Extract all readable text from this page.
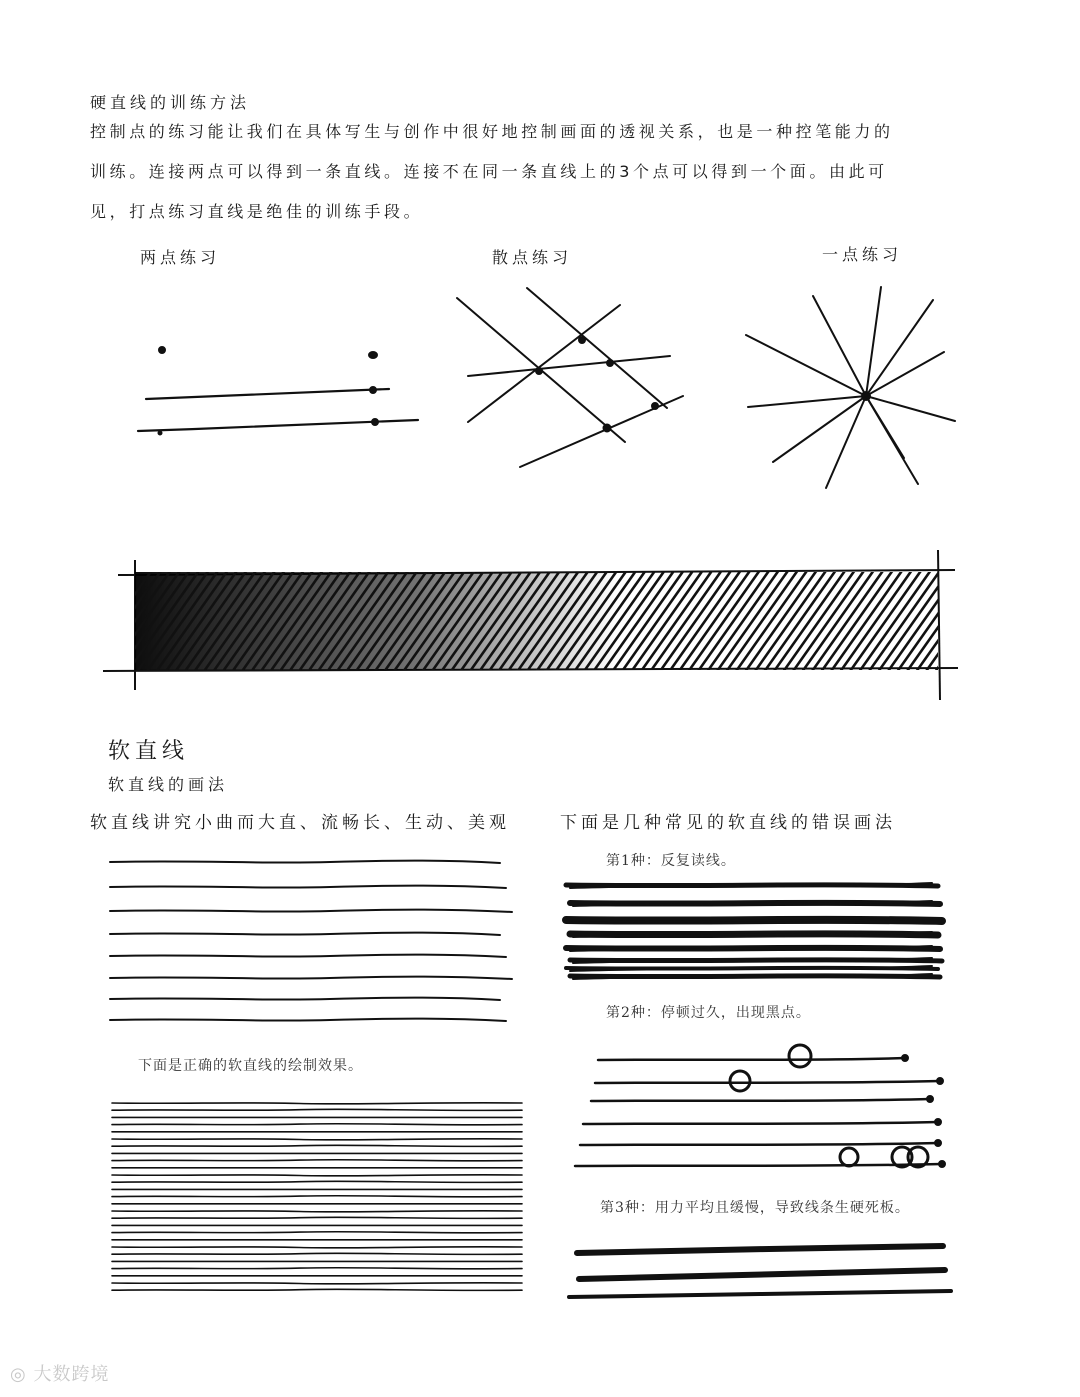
硬直线的训练方法
控制点的练习能让我们在具体写生与创作中很好地控制画面的透视关系，也是一种控笔能力的
训练。连接两点可以得到一条直线。连接不在同一条直线上的3个点可以得到一个面。由此可
见，打点练习直线是绝佳的训练手段。
两点练习	散点练习	一点练习
软直线
软直线的画法
软直线讲究小曲而大直、流畅长、生动、美观	下面是几种常见的软直线的错误画法
下面是正确的软直线的绘制效果。
第1种：反复读线。
第2种：停顿过久，出现黑点。
第3种：用力平均且缓慢，导致线条生硬死板。
◎ 大数跨境
